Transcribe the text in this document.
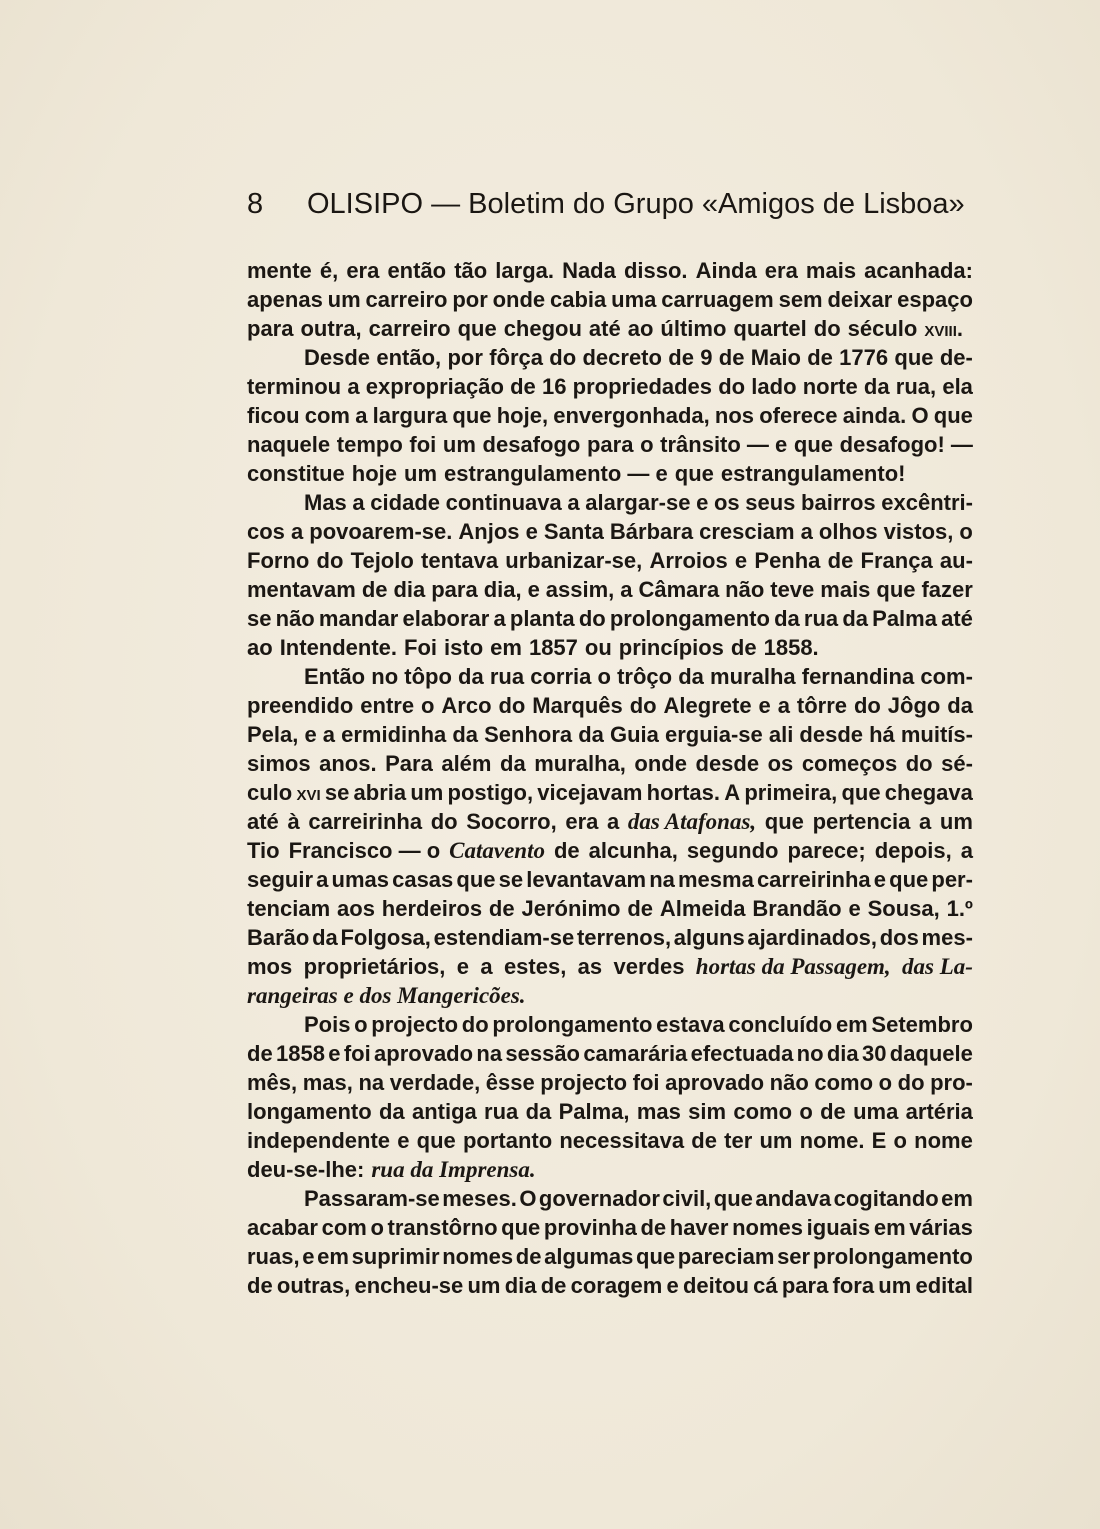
8 OLISIPO — Boletim do Grupo «Amigos de Lisboa»
mente é, era então tão larga. Nada disso. Ainda era mais acanhada:
apenas um carreiro por onde cabia uma carruagem sem deixar espaço
para outra, carreiro que chegou até ao último quartel do século xviii.
Desde então, por fôrça do decreto de 9 de Maio de 1776 que de-
terminou a expropriação de 16 propriedades do lado norte da rua, ela
ficou com a largura que hoje, envergonhada, nos oferece ainda. O que
naquele tempo foi um desafogo para o trânsito — e que desafogo! —
constitue hoje um estrangulamento — e que estrangulamento!
Mas a cidade continuava a alargar-se e os seus bairros excêntri-
cos a povoarem-se. Anjos e Santa Bárbara cresciam a olhos vistos, o
Forno do Tejolo tentava urbanizar-se, Arroios e Penha de França au-
mentavam de dia para dia, e assim, a Câmara não teve mais que fazer
se não mandar elaborar a planta do prolongamento da rua da Palma até
ao Intendente. Foi isto em 1857 ou princípios de 1858.
Então no tôpo da rua corria o trôço da muralha fernandina com-
preendido entre o Arco do Marquês do Alegrete e a tôrre do Jôgo da
Pela, e a ermidinha da Senhora da Guia erguia-se ali desde há muitís-
simos anos. Para além da muralha, onde desde os começos do sé-
culo xvi se abria um postigo, vicejavam hortas. A primeira, que chegava
até à carreirinha do Socorro, era a das Atafonas, que pertencia a um
Tio Francisco — o Catavento de alcunha, segundo parece; depois, a
seguir a umas casas que se levantavam na mesma carreirinha e que per-
tenciam aos herdeiros de Jerónimo de Almeida Brandão e Sousa, 1.º
Barão da Folgosa, estendiam-se terrenos, alguns ajardinados, dos mes-
mos proprietários, e a estes, as verdes hortas da Passagem, das La-
rangeiras e dos Mangericões.
Pois o projecto do prolongamento estava concluído em Setembro
de 1858 e foi aprovado na sessão camarária efectuada no dia 30 daquele
mês, mas, na verdade, êsse projecto foi aprovado não como o do pro-
longamento da antiga rua da Palma, mas sim como o de uma artéria
independente e que portanto necessitava de ter um nome. E o nome
deu-se-lhe: rua da Imprensa.
Passaram-se meses. O governador civil, que andava cogitando em
acabar com o transtôrno que provinha de haver nomes iguais em várias
ruas, e em suprimir nomes de algumas que pareciam ser prolongamento
de outras, encheu-se um dia de coragem e deitou cá para fora um edital
